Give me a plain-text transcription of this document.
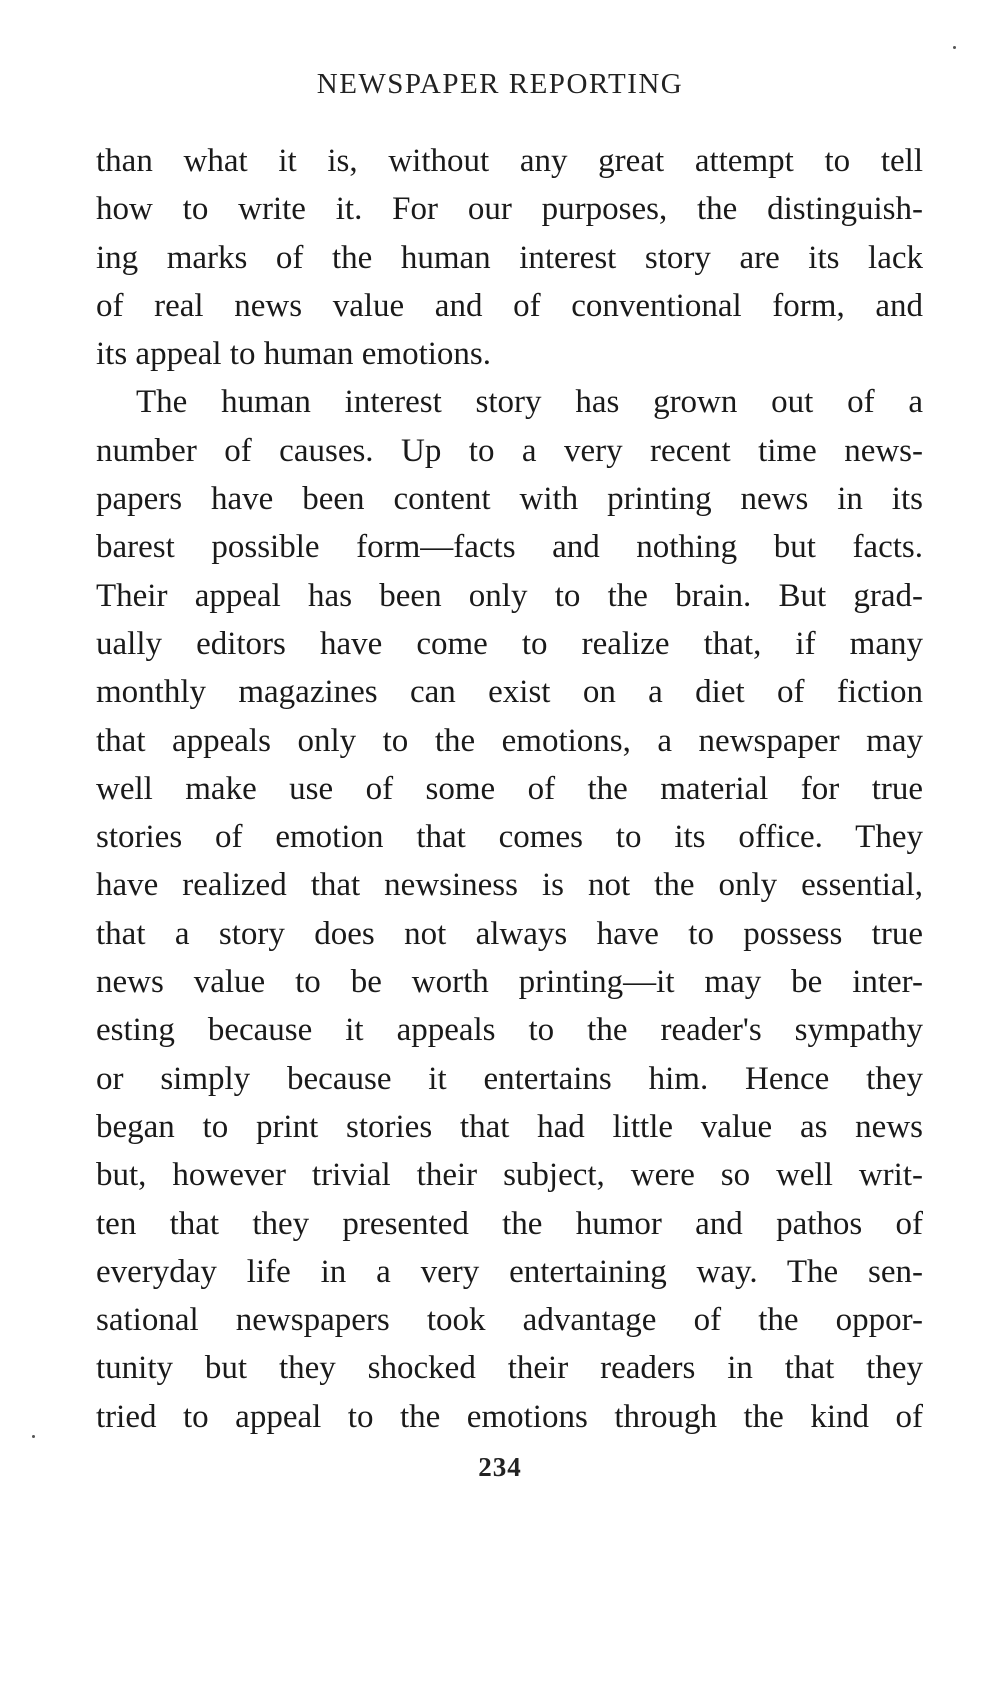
NEWSPAPER REPORTING
than what it is, without any great attempt to tell
how to write it. For our purposes, the distinguish-
ing marks of the human interest story are its lack
of real news value and of conventional form, and
its appeal to human emotions.
The human interest story has grown out of a
number of causes. Up to a very recent time news-
papers have been content with printing news in its
barest possible form—facts and nothing but facts.
Their appeal has been only to the brain. But grad-
ually editors have come to realize that, if many
monthly magazines can exist on a diet of fiction
that appeals only to the emotions, a newspaper may
well make use of some of the material for true
stories of emotion that comes to its office. They
have realized that newsiness is not the only essential,
that a story does not always have to possess true
news value to be worth printing—it may be inter-
esting because it appeals to the reader's sympathy
or simply because it entertains him. Hence they
began to print stories that had little value as news
but, however trivial their subject, were so well writ-
ten that they presented the humor and pathos of
everyday life in a very entertaining way. The sen-
sational newspapers took advantage of the oppor-
tunity but they shocked their readers in that they
tried to appeal to the emotions through the kind of
234
